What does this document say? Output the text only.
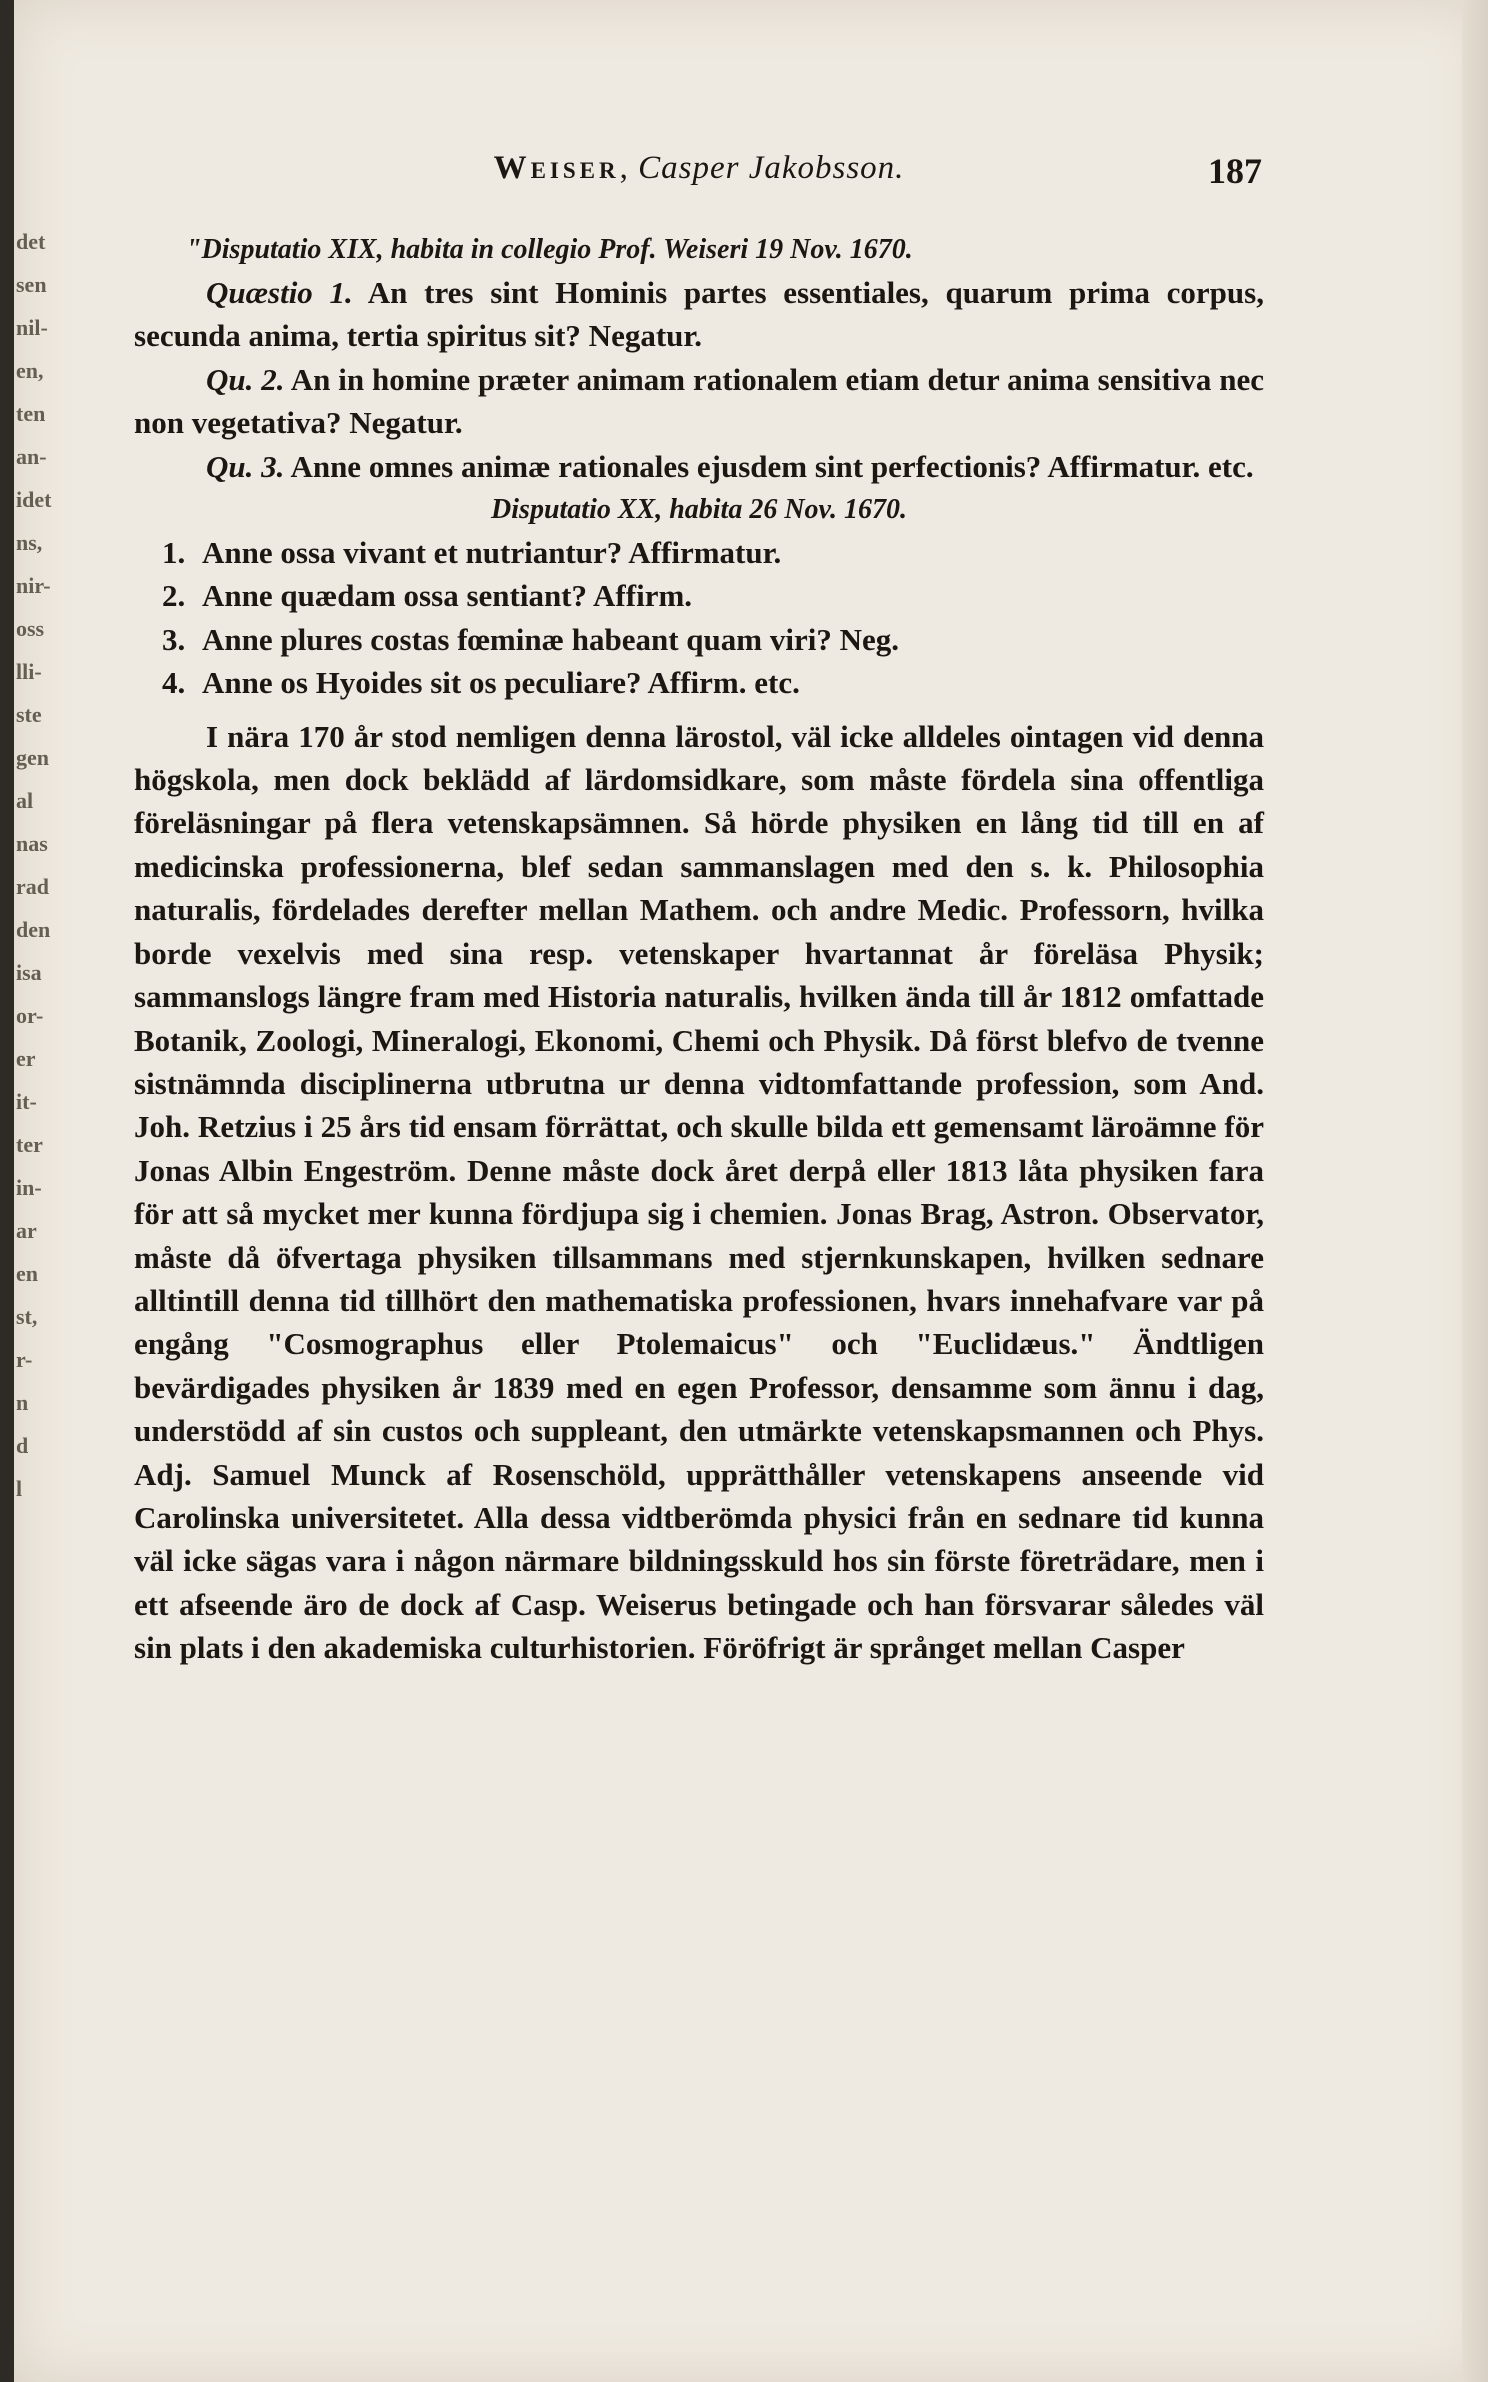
det
sen
nil-
en,
ten
an-
idet
ns,
nir-
oss
lli-
ste
gen
al
nas
rad
den
isa
or-
er
it-
ter
in-
ar
en
st,
r-
n
d
l
Weiser, Casper Jakobsson.	187
"Disputatio XIX, habita in collegio Prof. Weiseri 19 Nov. 1670.

Quæstio 1. An tres sint Hominis partes essentiales, quarum prima corpus, secunda anima, tertia spiritus sit? Negatur.

Qu. 2. An in homine præter animam rationalem etiam detur anima sensitiva nec non vegetativa? Negatur.

Qu. 3. Anne omnes animæ rationales ejusdem sint perfectionis? Affirmatur. etc.

Disputatio XX, habita 26 Nov. 1670.
1. Anne ossa vivant et nutriantur? Affirmatur.
2. Anne quædam ossa sentiant? Affirm.
3. Anne plures costas fœminæ habeant quam viri? Neg.
4. Anne os Hyoides sit os peculiare? Affirm. etc.

I nära 170 år stod nemligen denna lärostol, väl icke alldeles ointagen vid denna högskola, men dock beklädd af lärdomsidkare, som måste fördela sina offentliga föreläsningar på flera vetenskapsämnen. Så hörde physiken en lång tid till en af medicinska professionerna, blef sedan sammanslagen med den s. k. Philosophia naturalis, fördelades derefter mellan Mathem. och andre Medic. Professorn, hvilka borde vexelvis med sina resp. vetenskaper hvartannat år föreläsa Physik; sammanslogs längre fram med Historia naturalis, hvilken ända till år 1812 omfattade Botanik, Zoologi, Mineralogi, Ekonomi, Chemi och Physik. Då först blefvo de tvenne sistnämnda disciplinerna utbrutna ur denna vidtomfattande profession, som And. Joh. Retzius i 25 års tid ensam förrättat, och skulle bilda ett gemensamt läroämne för Jonas Albin Engeström. Denne måste dock året derpå eller 1813 låta physiken fara för att så mycket mer kunna fördjupa sig i chemien. Jonas Brag, Astron. Observator, måste då öfvertaga physiken tillsammans med stjernkunskapen, hvilken sednare alltintill denna tid tillhört den mathematiska professionen, hvars innehafvare var på engång "Cosmographus eller Ptolemaicus" och "Euclidæus." Ändtligen bevärdigades physiken år 1839 med en egen Professor, densamme som ännu i dag, understödd af sin custos och suppleant, den utmärkte vetenskapsmannen och Phys. Adj. Samuel Munck af Rosenschöld, upprätthåller vetenskapens anseende vid Carolinska universitetet. Alla dessa vidtberömda physici från en sednare tid kunna väl icke sägas vara i någon närmare bildningsskuld hos sin förste företrädare, men i ett afseende äro de dock af Casp. Weiserus betingade och han försvarar således väl sin plats i den akademiska culturhistorien. Föröfrigt är språnget mellan Casper
